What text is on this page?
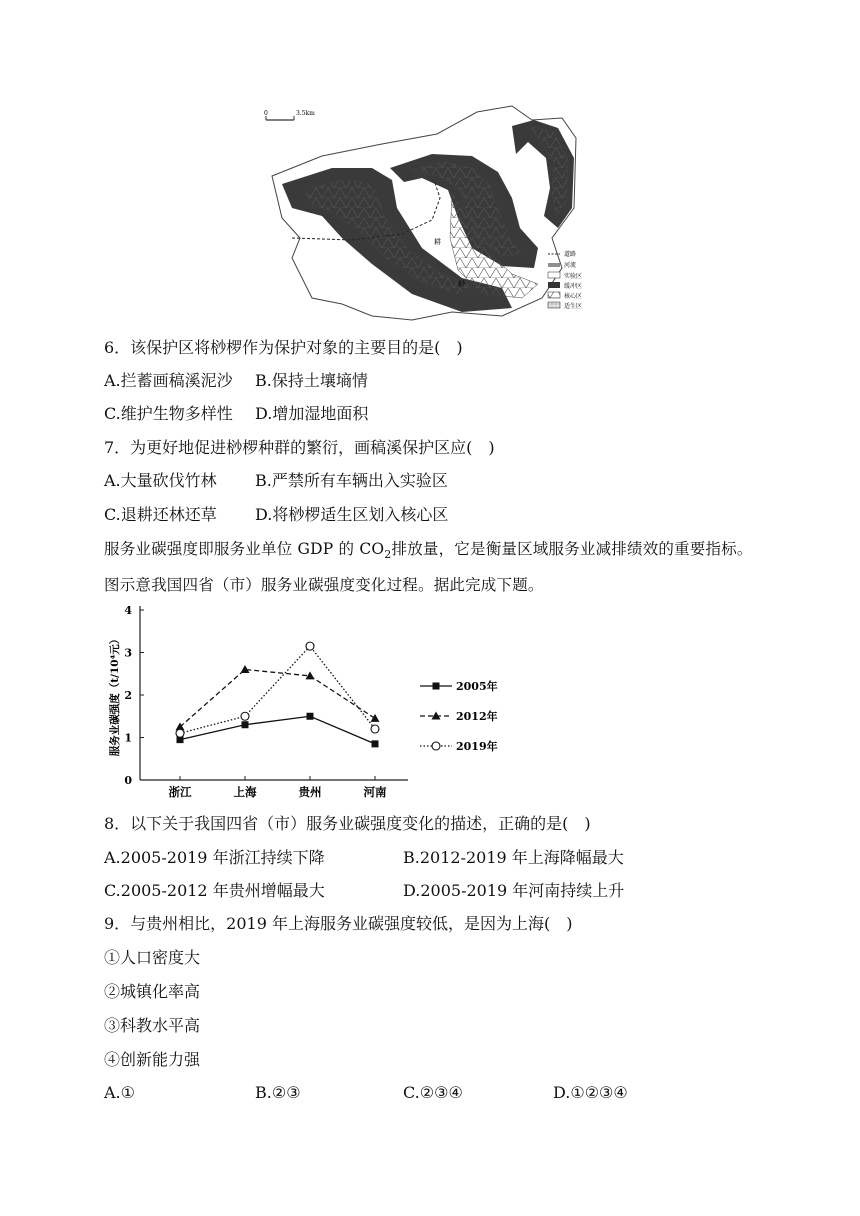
0	3.5km
耕
桫
道路
河流
实验区
缓冲区
核心区
适生区
6．该保护区将桫椤作为保护对象的主要目的是(　)
A.拦蓄画稿溪泥沙 B.保持土壤墒情
C.维护生物多样性 D.增加湿地面积
7．为更好地促进桫椤种群的繁衍，画稿溪保护区应(　)
A.大量砍伐竹林 B.严禁所有车辆出入实验区
C.退耕还林还草 D.将桫椤适生区划入核心区
服务业碳强度即服务业单位 GDP 的 $CO_2$排放量，它是衡量区域服务业减排绩效的重要指标。图示意我国四省（市）服务业碳强度变化过程。据此完成下题。
0
1
2
3
4
服务业碳强度（t/10⁴元）
浙江	上海	贵州	河南
2005年
2012年
2019年
8．以下关于我国四省（市）服务业碳强度变化的描述，正确的是(　)
A.2005-2019 年浙江持续下降	B.2012-2019 年上海降幅最大
C.2005-2012 年贵州增幅最大	D.2005-2019 年河南持续上升
9．与贵州相比，2019 年上海服务业碳强度较低，是因为上海(　)
①人口密度大
②城镇化率高
③科教水平高
④创新能力强
A.①	B.②③	C.②③④	D.①②③④
